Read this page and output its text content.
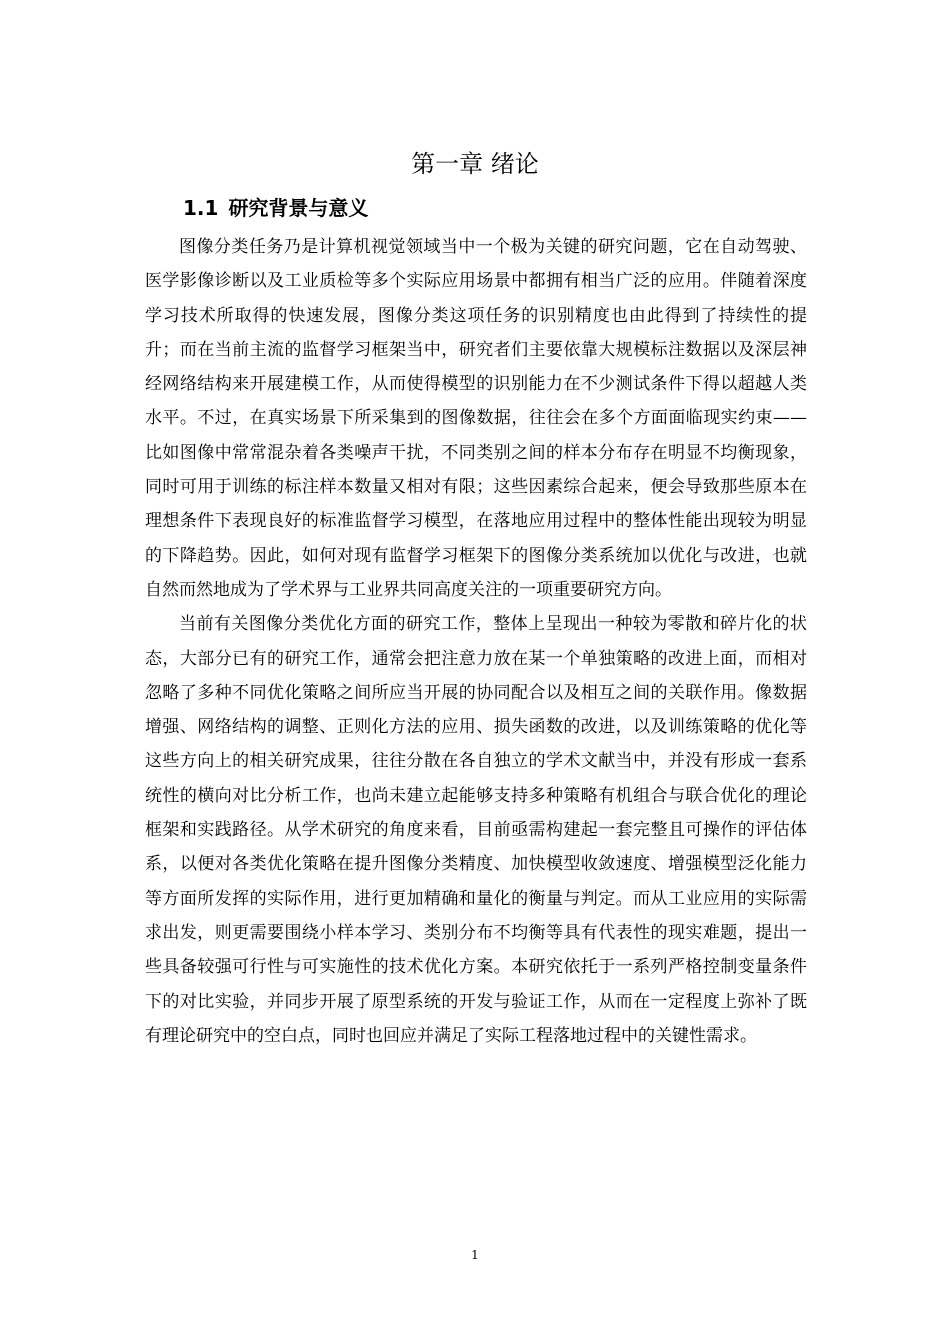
第一章 绪论
1.1 研究背景与意义

图像分类任务乃是计算机视觉领域当中一个极为关键的研究问题，它在自动驾驶、医学影像诊断以及工业质检等多个实际应用场景中都拥有相当广泛的应用。伴随着深度学习技术所取得的快速发展，图像分类这项任务的识别精度也由此得到了持续性的提升；而在当前主流的监督学习框架当中，研究者们主要依靠大规模标注数据以及深层神经网络结构来开展建模工作，从而使得模型的识别能力在不少测试条件下得以超越人类水平。不过，在真实场景下所采集到的图像数据，往往会在多个方面面临现实约束——比如图像中常常混杂着各类噪声干扰，不同类别之间的样本分布存在明显不均衡现象，同时可用于训练的标注样本数量又相对有限；这些因素综合起来，便会导致那些原本在理想条件下表现良好的标准监督学习模型，在落地应用过程中的整体性能出现较为明显的下降趋势。因此，如何对现有监督学习框架下的图像分类系统加以优化与改进，也就自然而然地成为了学术界与工业界共同高度关注的一项重要研究方向。

当前有关图像分类优化方面的研究工作，整体上呈现出一种较为零散和碎片化的状态，大部分已有的研究工作，通常会把注意力放在某一个单独策略的改进上面，而相对忽略了多种不同优化策略之间所应当开展的协同配合以及相互之间的关联作用。像数据增强、网络结构的调整、正则化方法的应用、损失函数的改进，以及训练策略的优化等这些方向上的相关研究成果，往往分散在各自独立的学术文献当中，并没有形成一套系统性的横向对比分析工作，也尚未建立起能够支持多种策略有机组合与联合优化的理论框架和实践路径。从学术研究的角度来看，目前亟需构建起一套完整且可操作的评估体系，以便对各类优化策略在提升图像分类精度、加快模型收敛速度、增强模型泛化能力等方面所发挥的实际作用，进行更加精确和量化的衡量与判定。而从工业应用的实际需求出发，则更需要围绕小样本学习、类别分布不均衡等具有代表性的现实难题，提出一些具备较强可行性与可实施性的技术优化方案。本研究依托于一系列严格控制变量条件下的对比实验，并同步开展了原型系统的开发与验证工作，从而在一定程度上弥补了既有理论研究中的空白点，同时也回应并满足了实际工程落地过程中的关键性需求。

1
